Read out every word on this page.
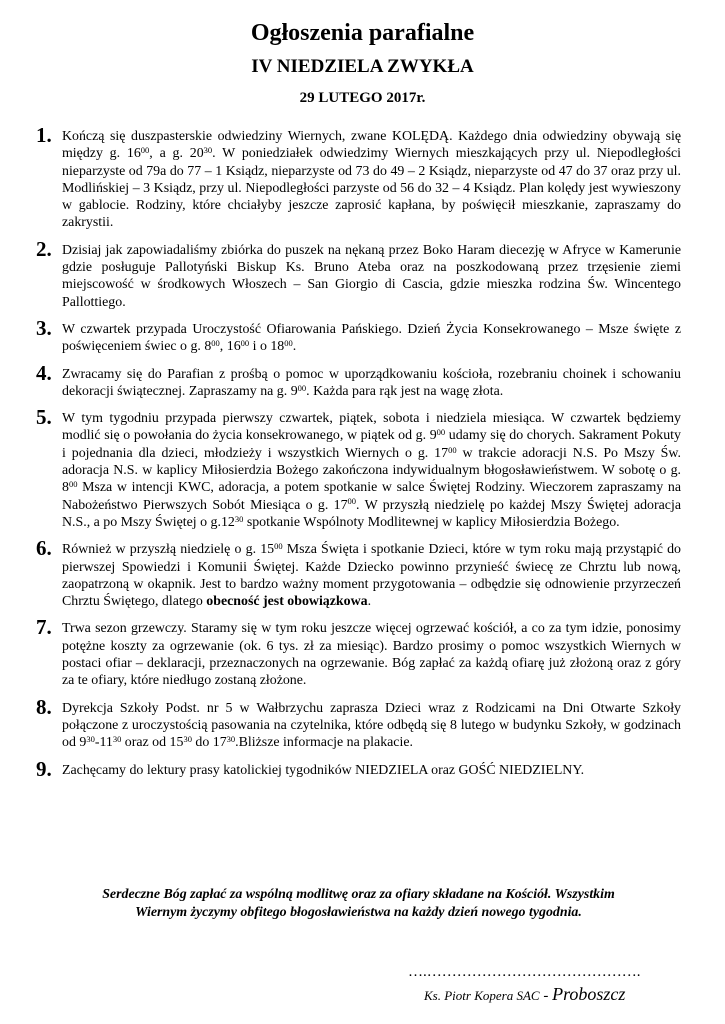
Ogłoszenia parafialne
IV NIEDZIELA ZWYKŁA
29 LUTEGO 2017r.
1. Kończą się duszpasterskie odwiedziny Wiernych, zwane KOLĘDĄ. Każdego dnia odwiedziny obywają się między g. $16^{00}$, a g. $20^{30}$. W poniedziałek odwiedzimy Wiernych mieszkających przy ul. Niepodległości nieparzyste od 79a do 77 – 1 Ksiądz, nieparzyste od 73 do 49 – 2 Ksiądz, nieparzyste od 47 do 37 oraz przy ul. Modlińskiej – 3 Ksiądz, przy ul. Niepodległości parzyste od 56 do 32 – 4 Ksiądz. Plan kolędy jest wywieszony w gablocie. Rodziny, które chciałyby jeszcze zaprosić kapłana, by poświęcił mieszkanie, zapraszamy do zakrystii.

2. Dzisiaj jak zapowiadaliśmy zbiórka do puszek na nękaną przez Boko Haram diecezję w Afryce w Kamerunie gdzie posługuje Pallotyński Biskup Ks. Bruno Ateba oraz na poszkodowaną przez trzęsienie ziemi miejscowość w środkowych Włoszech – San Giorgio di Cascia, gdzie mieszka rodzina Św. Wincentego Pallottiego.

3. W czwartek przypada Uroczystość Ofiarowania Pańskiego. Dzień Życia Konsekrowanego – Msze święte z poświęceniem świec o g. $8^{00}$, $16^{00}$ i o $18^{00}$.

4. Zwracamy się do Parafian z prośbą o pomoc w uporządkowaniu kościoła, rozebraniu choinek i schowaniu dekoracji świątecznej. Zapraszamy na g. $9^{00}$. Każda para rąk jest na wagę złota.

5. W tym tygodniu przypada pierwszy czwartek, piątek, sobota i niedziela miesiąca. W czwartek będziemy modlić się o powołania do życia konsekrowanego, w piątek od g. $9^{00}$ udamy się do chorych. Sakrament Pokuty i pojednania dla dzieci, młodzieży i wszystkich Wiernych o g. $17^{00}$ w trakcie adoracji N.S. Po Mszy Św. adoracja N.S. w kaplicy Miłosierdzia Bożego zakończona indywidualnym błogosławieństwem. W sobotę o g. $8^{00}$ Msza w intencji KWC, adoracja, a potem spotkanie w salce Świętej Rodziny. Wieczorem zapraszamy na Nabożeństwo Pierwszych Sobót Miesiąca o g. $17^{00}$. W przyszłą niedzielę po każdej Mszy Świętej adoracja N.S., a po Mszy Świętej o $g.12^{30}$ spotkanie Wspólnoty Modlitewnej w kaplicy Miłosierdzia Bożego.

6. Również w przyszłą niedzielę o g. $15^{00}$ Msza Święta i spotkanie Dzieci, które w tym roku mają przystąpić do pierwszej Spowiedzi i Komunii Świętej. Każde Dziecko powinno przynieść świecę ze Chrztu lub nową, zaopatrzoną w okapnik. Jest to bardzo ważny moment przygotowania – odbędzie się odnowienie przyrzeczeń Chrztu Świętego, dlatego obecność jest obowiązkowa.

7. Trwa sezon grzewczy. Staramy się w tym roku jeszcze więcej ogrzewać kościół, a co za tym idzie, ponosimy potężne koszty za ogrzewanie (ok. 6 tys. zł za miesiąc). Bardzo prosimy o pomoc wszystkich Wiernych w postaci ofiar – deklaracji, przeznaczonych na ogrzewanie. Bóg zapłać za każdą ofiarę już złożoną oraz z góry za te ofiary, które niedługo zostaną złożone.

8. Dyrekcja Szkoły Podst. nr 5 w Wałbrzychu zaprasza Dzieci wraz z Rodzicami na Dni Otwarte Szkoły połączone z uroczystością pasowania na czytelnika, które odbędą się 8 lutego w budynku Szkoły, w godzinach od $9^{30}-11^{30}$ oraz od $15^{30}$ do $17^{30}.Bliższe$ informacje na plakacie.

9. Zachęcamy do lektury prasy katolickiej tygodników NIEDZIELA oraz GOŚĆ NIEDZIELNY.

Serdeczne Bóg zapłać za wspólną modlitwę oraz za ofiary składane na Kościół. Wszystkim
Wiernym życzymy obfitego błogosławieństwa na każdy dzień nowego tygodnia.
….…………………………………….
Ks. Piotr Kopera SAC - Proboszcz
